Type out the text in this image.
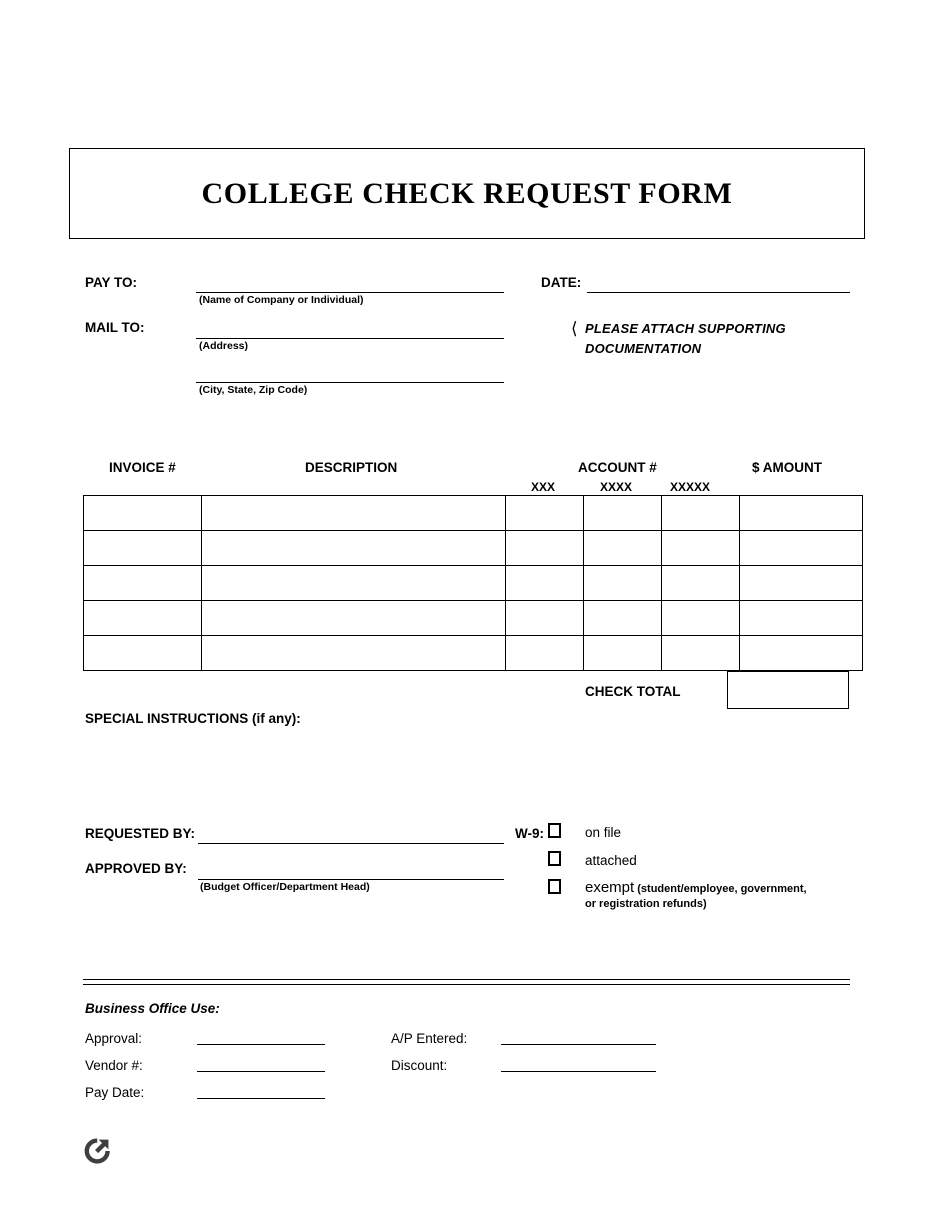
COLLEGE CHECK REQUEST FORM
PAY TO:
(Name of Company or Individual)
MAIL TO:
(Address)
(City, State, Zip Code)
DATE:
⟨ PLEASE ATTACH SUPPORTING
DOCUMENTATION
INVOICE #	DESCRIPTION	ACCOUNT #	$ AMOUNT
XXX	XXXX	XXXXX

CHECK TOTAL
SPECIAL INSTRUCTIONS (if any):
REQUESTED BY:
APPROVED BY:
(Budget Officer/Department Head)
W-9:	on file
attached
exempt (student/employee, government,
or registration refunds)
Business Office Use:
Approval:
Vendor #:
Pay Date:
A/P Entered:
Discount:
